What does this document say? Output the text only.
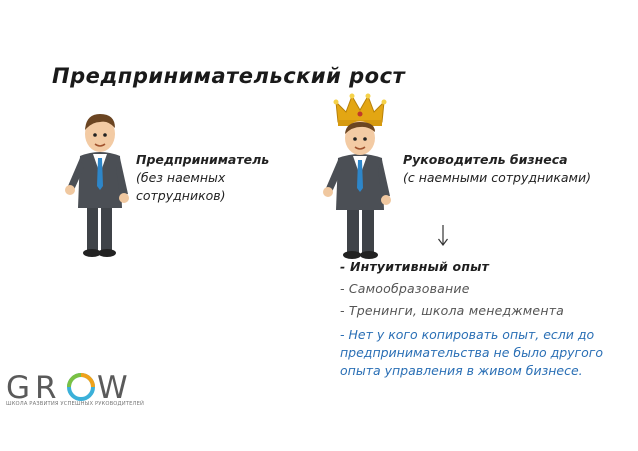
Предпринимательский рост
Предприниматель
(без наемных
сотрудников)
Руководитель бизнеса
(с наемными сотрудниками)
- Интуитивный опыт
- Самообразование
- Тренинги, школа менеджмента
- Нет у кого копировать опыт, если до предпринимательства не было другого опыта управления в живом бизнесе.
G R W
ШКОЛА РАЗВИТИЯ УСПЕШНЫХ РУКОВОДИТЕЛЕЙ
